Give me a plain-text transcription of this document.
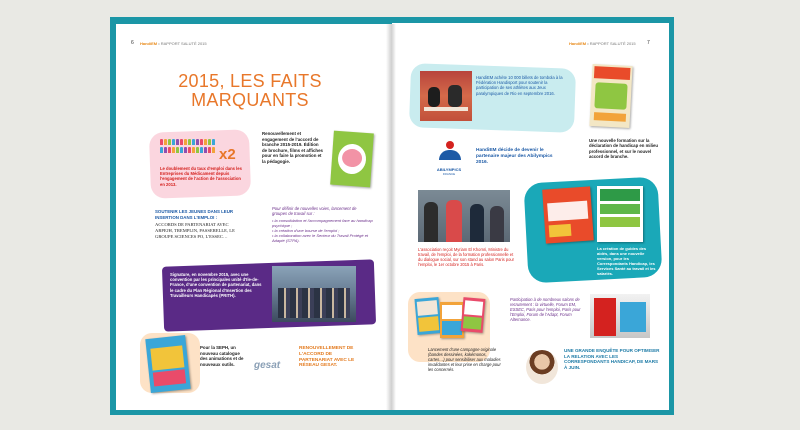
6 HandiEM • RAPPORT SALUTÉ 2015
2015, LES FAITS MARQUANTS
x2
Le doublement du taux d'emploi dans les Entreprises du Médicament depuis l'engagement de l'action de l'association en 2013.
Renouvellement et engagement de l'accord de branche 2015-2019. Édition de brochure, films et affiches pour en faire la promotion et la pédagogie.
SOUTENIR LES JEUNES DANS LEUR INSERTION DANS L'EMPLOI :
ACCORDS DE PARTENARIAT AVEC ARPEJH, TREMPLIN, PASSERELLE, LE GROUPE SCIENCES PO, L'ESSEC…
Pour définir de nouvelles voies, lancement de groupes de travail sur :
• la consolidation et l'accompagnement face au handicap psychique ;
• la création d'une bourse de l'emploi ;
• la collaboration avec le Secteur du Travail Protégé et Adapté (STPA).
Signature, en novembre 2015, avec une convention par les principales unité d'Ile-de-France, d'une convention de partenariat, dans le cadre du Plan Régional d'Insertion des Travailleurs Handicapés (PRITH).
Pour la SEPH, un nouveau catalogue des animations et de nouveaux outils.	gesat
RENOUVELLEMENT DE L'ACCORD DE PARTENARIAT AVEC LE RÉSEAU GESAT.
HandiEM • RAPPORT SALUTÉ 2015 7
HandiEM achète 10 000 billets de tombola à la Fédération Handisport pour soutenir la participation de ses athlètes aux Jeux paralympiques de Rio en septembre 2016.
Une nouvelle formation sur la déclaration de handicap en milieu professionnel, et sur le nouvel accord de branche.
ABILYMPICS
FRANCE
HandiEM décide de devenir le partenaire majeur des Abilympics 2016.
L'association reçoit Myriam El Khomri, Ministre du travail, de l'emploi, de la formation professionnelle et du dialogue social, sur son stand au salon Paris pour l'emploi, le 1er octobre 2015 à Paris.
La création de guides des aidés, dans une nouvelle version, pour les Correspondants Handicap, les Services Santé au travail et les salariés.
Lancement d'une campagne originale (bandes dessinées, kakémonos, cartes…) pour sensibiliser aux maladies invalidantes et leur prise en charge pour les concernés.
Participation à de nombreux salons de recrutement : la virtuelle, Forum EM, ESSEC, Paris pour l'emploi, Paris pour l'Emploi, Forum de l'Adapt, Forum Alternance.
UNE GRANDE ENQUÊTE POUR OPTIMISER LA RELATION AVEC LES CORRESPONDANTS HANDICAP, DE MARS À JUIN.
